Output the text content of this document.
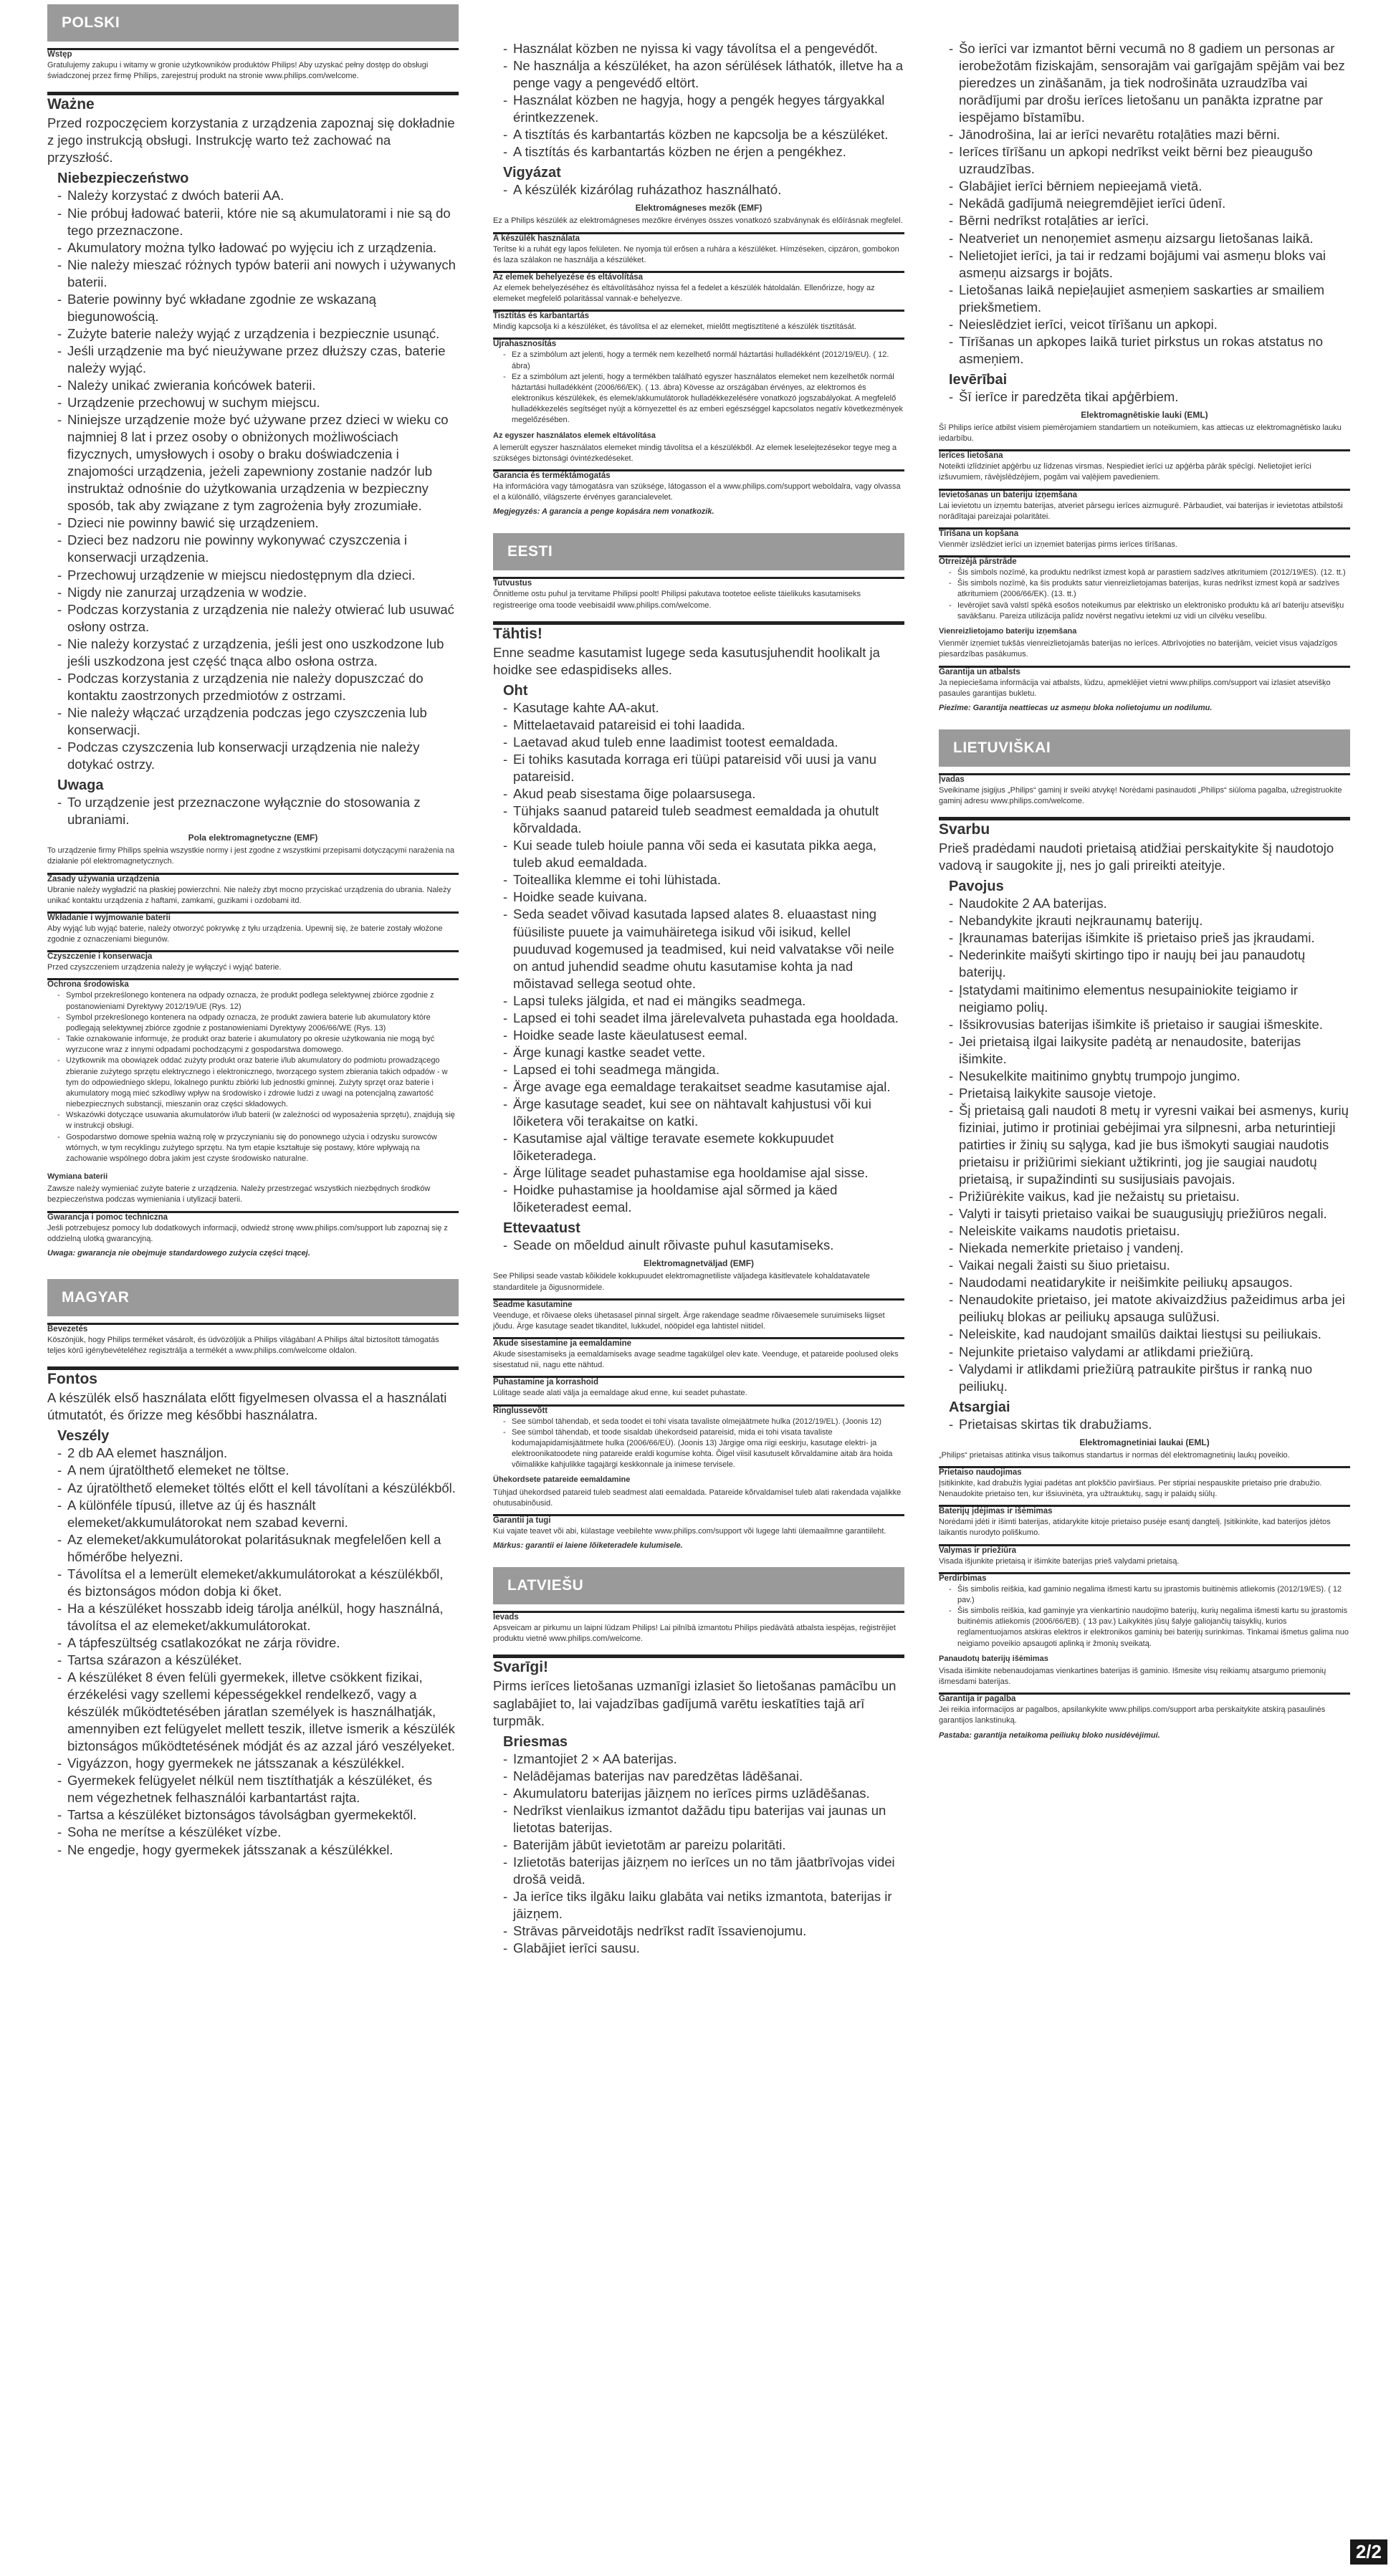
POLSKI
Wstęp

Gratulujemy zakupu i witamy w gronie użytkowników produktów Philips! Aby uzyskać pełny dostęp do obsługi świadczonej przez firmę Philips, zarejestruj produkt na stronie www.philips.com/welcome.

Ważne

Przed rozpoczęciem korzystania z urządzenia zapoznaj się dokładnie z jego instrukcją obsługi. Instrukcję warto też zachować na przyszłość.

Niebezpieczeństwo
- Należy korzystać z dwóch baterii AA.
- Nie próbuj ładować baterii, które nie są akumulatorami i nie są do tego przeznaczone.
- Akumulatory można tylko ładować po wyjęciu ich z urządzenia.
- Nie należy mieszać różnych typów baterii ani nowych i używanych baterii.
- Baterie powinny być wkładane zgodnie ze wskazaną biegunowością.
- Zużyte baterie należy wyjąć z urządzenia i bezpiecznie usunąć.
- Jeśli urządzenie ma być nieużywane przez dłuższy czas, baterie należy wyjąć.
- Należy unikać zwierania końcówek baterii.
- Urządzenie przechowuj w suchym miejscu.
- Niniejsze urządzenie może być używane przez dzieci w wieku co najmniej 8 lat i przez osoby o obniżonych możliwościach fizycznych, umysłowych i osoby o braku doświadczenia i znajomości urządzenia, jeżeli zapewniony zostanie nadzór lub instruktaż odnośnie do użytkowania urządzenia w bezpieczny sposób, tak aby związane z tym zagrożenia były zrozumiałe.
- Dzieci nie powinny bawić się urządzeniem.
- Dzieci bez nadzoru nie powinny wykonywać czyszczenia i konserwacji urządzenia.
- Przechowuj urządzenie w miejscu niedostępnym dla dzieci.
- Nigdy nie zanurzaj urządzenia w wodzie.
- Podczas korzystania z urządzenia nie należy otwierać lub usuwać osłony ostrza.
- Nie należy korzystać z urządzenia, jeśli jest ono uszkodzone lub jeśli uszkodzona jest część tnąca albo osłona ostrza.
- Podczas korzystania z urządzenia nie należy dopuszczać do kontaktu zaostrzonych przedmiotów z ostrzami.
- Nie należy włączać urządzenia podczas jego czyszczenia lub konserwacji.
- Podczas czyszczenia lub konserwacji urządzenia nie należy dotykać ostrzy.
Uwaga
- To urządzenie jest przeznaczone wyłącznie do stosowania z ubraniami.
Pola elektromagnetyczne (EMF)

To urządzenie firmy Philips spełnia wszystkie normy i jest zgodne z wszystkimi przepisami dotyczącymi narażenia na działanie pól elektromagnetycznych.

Zasady używania urządzenia

Ubranie należy wygładzić na płaskiej powierzchni. Nie należy zbyt mocno przyciskać urządzenia do ubrania. Należy unikać kontaktu urządzenia z haftami, zamkami, guzikami i ozdobami itd.

Wkładanie i wyjmowanie baterii

Aby wyjąć lub wyjąć baterie, należy otworzyć pokrywkę z tyłu urządzenia. Upewnij się, że baterie zostały włożone zgodnie z oznaczeniami biegunów.

Czyszczenie i konserwacja

Przed czyszczeniem urządzenia należy je wyłączyć i wyjąć baterie.

Ochrona środowiska
- Symbol przekreślonego kontenera na odpady oznacza, że produkt podlega selektywnej zbiórce zgodnie z postanowieniami Dyrektywy 2012/19/UE (Rys. 12)
- Symbol przekreślonego kontenera na odpady oznacza, że produkt zawiera baterie lub akumulatory które podlegają selektywnej zbiórce zgodnie z postanowieniami Dyrektywy 2006/66/WE (Rys. 13)
- Takie oznakowanie informuje, że produkt oraz baterie i akumulatory po okresie użytkowania nie mogą być wyrzucone wraz z innymi odpadami pochodzącymi z gospodarstwa domowego.
- Użytkownik ma obowiązek oddać zużyty produkt oraz baterie i/lub akumulatory do podmiotu prowadzącego zbieranie zużytego sprzętu elektrycznego i elektronicznego, tworzącego system zbierania takich odpadów - w tym do odpowiedniego sklepu, lokalnego punktu zbiórki lub jednostki gminnej. Zużyty sprzęt oraz baterie i akumulatory mogą mieć szkodliwy wpływ na środowisko i zdrowie ludzi z uwagi na potencjalną zawartość niebezpiecznych substancji, mieszanin oraz części składowych.
- Wskazówki dotyczące usuwania akumulatorów i/lub baterii (w zależności od wyposażenia sprzętu), znajdują się w instrukcji obsługi.
- Gospodarstwo domowe spełnia ważną rolę w przyczynianiu się do ponownego użycia i odzysku surowców wtórnych, w tym recyklingu zużytego sprzętu. Na tym etapie kształtuje się postawy, które wpływają na zachowanie wspólnego dobra jakim jest czyste środowisko naturalne.
Wymiana baterii

Zawsze należy wymieniać zużyte baterie z urządzenia. Należy przestrzegać wszystkich niezbędnych środków bezpieczeństwa podczas wymieniania i utylizacji baterii.

Gwarancja i pomoc techniczna

Jeśli potrzebujesz pomocy lub dodatkowych informacji, odwiedź stronę www.philips.com/support lub zapoznaj się z oddzielną ulotką gwarancyjną.

Uwaga: gwarancja nie obejmuje standardowego zużycia części tnącej.

MAGYAR
Bevezetés

Köszönjük, hogy Philips terméket vásárolt, és üdvözöljük a Philips világában! A Philips által biztosított támogatás teljes körű igénybevételéhez regisztrálja a termékét a www.philips.com/welcome oldalon.

Fontos

A készülék első használata előtt figyelmesen olvassa el a használati útmutatót, és őrizze meg későbbi használatra.

Veszély
- 2 db AA elemet használjon.
- A nem újratölthető elemeket ne töltse.
- Az újratölthető elemeket töltés előtt el kell távolítani a készülékből.
- A különféle típusú, illetve az új és használt elemeket/akkumulátorokat nem szabad keverni.
- Az elemeket/akkumulátorokat polaritásuknak megfelelően kell a hőmérőbe helyezni.
- Távolítsa el a lemerült elemeket/akkumulátorokat a készülékből, és biztonságos módon dobja ki őket.
- Ha a készüléket hosszabb ideig tárolja anélkül, hogy használná, távolítsa el az elemeket/akkumulátorokat.
- A tápfeszültség csatlakozókat ne zárja rövidre.
- Tartsa szárazon a készüléket.
- A készüléket 8 éven felüli gyermekek, illetve csökkent fizikai, érzékelési vagy szellemi képességekkel rendelkező, vagy a készülék működtetésében járatlan személyek is használhatják, amennyiben ezt felügyelet mellett teszik, illetve ismerik a készülék biztonságos működtetésének módját és az azzal járó veszélyeket.
- Vigyázzon, hogy gyermekek ne játsszanak a készülékkel.
- Gyermekek felügyelet nélkül nem tisztíthatják a készüléket, és nem végezhetnek felhasználói karbantartást rajta.
- Tartsa a készüléket biztonságos távolságban gyermekektől.
- Soha ne merítse a készüléket vízbe.
- Ne engedje, hogy gyermekek játsszanak a készülékkel.
- Használat közben ne nyissa ki vagy távolítsa el a pengevédőt.
- Ne használja a készüléket, ha azon sérülések láthatók, illetve ha a penge vagy a pengevédő eltört.
- Használat közben ne hagyja, hogy a pengék hegyes tárgyakkal érintkezzenek.
- A tisztítás és karbantartás közben ne kapcsolja be a készüléket.
- A tisztítás és karbantartás közben ne érjen a pengékhez.
Vigyázat
- A készülék kizárólag ruházathoz használható.
Elektromágneses mezők (EMF)

Ez a Philips készülék az elektromágneses mezőkre érvényes összes vonatkozó szabványnak és előírásnak megfelel.

A készülék használata

Terítse ki a ruhát egy lapos felületen. Ne nyomja túl erősen a ruhára a készüléket. Hímzéseken, cipzáron, gombokon és laza szálakon ne használja a készüléket.

Az elemek behelyezése és eltávolítása

Az elemek behelyezéséhez és eltávolításához nyissa fel a fedelet a készülék hátoldalán. Ellenőrizze, hogy az elemeket megfelelő polaritással vannak-e behelyezve.

Tisztítás és karbantartás

Mindig kapcsolja ki a készüléket, és távolítsa el az elemeket, mielőtt megtisztítené a készülék tisztítását.

Újrahasznosítás
- Ez a szimbólum azt jelenti, hogy a termék nem kezelhető normál háztartási hulladékként (2012/19/EU). ( 12. ábra)
- Ez a szimbólum azt jelenti, hogy a termékben található egyszer használatos elemeket nem kezelhetők normál háztartási hulladékként (2006/66/EK). ( 13. ábra) Kövesse az országában érvényes, az elektromos és elektronikus készülékek, és elemek/akkumulátorok hulladékkezelésére vonatkozó jogszabályokat. A megfelelő hulladékkezelés segítséget nyújt a környezettel és az emberi egészséggel kapcsolatos negatív következmények megelőzésében.
Az egyszer használatos elemek eltávolítása

A lemerült egyszer használatos elemeket mindig távolítsa el a készülékből. Az elemek leselejtezésekor tegye meg a szükséges biztonsági óvintézkedéseket.

Garancia és terméktámogatás

Ha információra vagy támogatásra van szüksége, látogasson el a www.philips.com/support weboldalra, vagy olvassa el a különálló, világszerte érvényes garancialevelet.

Megjegyzés: A garancia a penge kopására nem vonatkozik.

EESTI
Tutvustus

Õnnitleme ostu puhul ja tervitame Philipsi poolt! Philipsi pakutava tootetoe eeliste täielikuks kasutamiseks registreerige oma toode veebisaidil www.philips.com/welcome.

Tähtis!

Enne seadme kasutamist lugege seda kasutusjuhendit hoolikalt ja hoidke see edaspidiseks alles.

Oht
- Kasutage kahte AA-akut.
- Mittelaetavaid patareisid ei tohi laadida.
- Laetavad akud tuleb enne laadimist tootest eemaldada.
- Ei tohiks kasutada korraga eri tüüpi patareisid või uusi ja vanu patareisid.
- Akud peab sisestama õige polaarsusega.
- Tühjaks saanud patareid tuleb seadmest eemaldada ja ohutult kõrvaldada.
- Kui seade tuleb hoiule panna või seda ei kasutata pikka aega, tuleb akud eemaldada.
- Toiteallika klemme ei tohi lühistada.
- Hoidke seade kuivana.
- Seda seadet võivad kasutada lapsed alates 8. eluaastast ning füüsiliste puuete ja vaimuhäiretega isikud või isikud, kellel puuduvad kogemused ja teadmised, kui neid valvatakse või neile on antud juhendid seadme ohutu kasutamise kohta ja nad mõistavad sellega seotud ohte.
- Lapsi tuleks jälgida, et nad ei mängiks seadmega.
- Lapsed ei tohi seadet ilma järelevalveta puhastada ega hooldada.
- Hoidke seade laste käeulatusest eemal.
- Ärge kunagi kastke seadet vette.
- Lapsed ei tohi seadmega mängida.
- Ärge avage ega eemaldage terakaitset seadme kasutamise ajal.
- Ärge kasutage seadet, kui see on nähtavalt kahjustusi või kui lõiketera või terakaitse on katki.
- Kasutamise ajal vältige teravate esemete kokkupuudet lõiketeradega.
- Ärge lülitage seadet puhastamise ega hooldamise ajal sisse.
- Hoidke puhastamise ja hooldamise ajal sõrmed ja käed lõiketeradest eemal.
Ettevaatust
- Seade on mõeldud ainult rõivaste puhul kasutamiseks.
Elektromagnetväljad (EMF)

See Philipsi seade vastab kõikidele kokkupuudet elektromagnetiliste väljadega käsitlevatele kohaldatavatele standarditele ja õigusnormidele.

Seadme kasutamine

Veenduge, et rõivaese oleks ühetasasel pinnal sirgelt. Ärge rakendage seadme rõivaesemele suruimiseks liigset jõudu. Ärge kasutage seadet tikanditel, lukkudel, nööpidel ega lahtistel niitidel.

Akude sisestamine ja eemaldamine

Akude sisestamiseks ja eemaldamiseks avage seadme tagakülgel olev kate. Veenduge, et patareide poolused oleks sisestatud nii, nagu ette nähtud.

Puhastamine ja korrashoid

Lülitage seade alati välja ja eemaldage akud enne, kui seadet puhastate.

Ringlussevõtt
- See sümbol tähendab, et seda toodet ei tohi visata tavaliste olmejäätmete hulka (2012/19/EL). (Joonis 12)
- See sümbol tähendab, et toode sisaldab ühekordseid patareisid, mida ei tohi visata tavaliste kodumajapidamisjäätmete hulka (2006/66/EÜ). (Joonis 13) Järgige oma riigi eeskirju, kasutage elektri- ja elektroonikatoodete ning patareide eraldi kogumise kohta. Õigel viisil kasutuselt kõrvaldamine aitab ära hoida võimalikke kahjulikke tagajärgi keskkonnale ja inimese tervisele.
Ühekordsete patareide eemaldamine

Tühjad ühekordsed patareid tuleb seadmest alati eemaldada. Patareide kõrvaldamisel tuleb alati rakendada vajalikke ohutusabinõusid.

Garantii ja tugi

Kui vajate teavet või abi, külastage veebilehte www.philips.com/support või lugege lahti ülemaailmne garantiileht.

Märkus: garantii ei laiene lõiketeradele kulumisele.

LATVIEŠU
Ievads

Apsveicam ar pirkumu un laipni lūdzam Philips! Lai pilnībā izmantotu Philips piedāvātā atbalsta iespējas, reģistrējiet produktu vietnē www.philips.com/welcome.

Svarīgi!

Pirms ierīces lietošanas uzmanīgi izlasiet šo lietošanas pamācību un saglabājiet to, lai vajadzības gadījumā varētu ieskatīties tajā arī turpmāk.

Briesmas
- Izmantojiet 2 × AA baterijas.
- Nelādējamas baterijas nav paredzētas lādēšanai.
- Akumulatoru baterijas jāizņem no ierīces pirms uzlādēšanas.
- Nedrīkst vienlaikus izmantot dažādu tipu baterijas vai jaunas un lietotas baterijas.
- Baterijām jābūt ievietotām ar pareizu polaritāti.
- Izlietotās baterijas jāizņem no ierīces un no tām jāatbrīvojas videi drošā veidā.
- Ja ierīce tiks ilgāku laiku glabāta vai netiks izmantota, baterijas ir jāizņem.
- Strāvas pārveidotājs nedrīkst radīt īssavienojumu.
- Glabājiet ierīci sausu.
- Šo ierīci var izmantot bērni vecumā no 8 gadiem un personas ar ierobežotām fiziskajām, sensorajām vai garīgajām spējām vai bez pieredzes un zināšanām, ja tiek nodrošināta uzraudzība vai norādījumi par drošu ierīces lietošanu un panākta izpratne par iespējamo bīstamību.
- Jānodrošina, lai ar ierīci nevarētu rotaļāties mazi bērni.
- Ierīces tīrīšanu un apkopi nedrīkst veikt bērni bez pieaugušo uzraudzības.
- Glabājiet ierīci bērniem nepieejamā vietā.
- Nekādā gadījumā neiegremdējiet ierīci ūdenī.
- Bērni nedrīkst rotaļāties ar ierīci.
- Neatveriet un nenoņemiet asmeņu aizsargu lietošanas laikā.
- Nelietojiet ierīci, ja tai ir redzami bojājumi vai asmeņu bloks vai asmeņu aizsargs ir bojāts.
- Lietošanas laikā nepieļaujiet asmeņiem saskarties ar smailiem priekšmetiem.
- Neieslēdziet ierīci, veicot tīrīšanu un apkopi.
- Tīrīšanas un apkopes laikā turiet pirkstus un rokas atstatus no asmeņiem.
Ievērībai
- Šī ierīce ir paredzēta tikai apģērbiem.
Elektromagnētiskie lauki (EML)

Šī Philips ierīce atbilst visiem piemērojamiem standartiem un noteikumiem, kas attiecas uz elektromagnētisko lauku iedarbību.

Ierīces lietošana

Noteikti izlīdziniet apģērbu uz līdzenas virsmas. Nespiediet ierīci uz apģērba pārāk spēcīgi. Nelietojiet ierīci izšuvumiem, rāvējslēdzējiem, pogām vai vaļējiem pavedieniem.

Ievietošanas un bateriju izņemšana

Lai ievietotu un izņemtu baterijas, atveriet pārsegu ierīces aizmugurē. Pārbaudiet, vai baterijas ir ievietotas atbilstoši norādītajai pareizajai polaritātei.

Tīrīšana un kopšana

Vienmēr izslēdziet ierīci un izņemiet baterijas pirms ierīces tīrīšanas.

Otrreizējā pārstrāde
- Šis simbols nozīmē, ka produktu nedrīkst izmest kopā ar parastiem sadzīves atkritumiem (2012/19/ES). (12. tt.)
- Šis simbols nozīmē, ka šis produkts satur vienreizlietojamas baterijas, kuras nedrīkst izmest kopā ar sadzīves atkritumiem (2006/66/EK). (13. tt.)
- Ievērojiet savā valstī spēkā esošos noteikumus par elektrisko un elektronisko produktu kā arī bateriju atsevišķu savākšanu. Pareiza utilizācija palīdz novērst negatīvu ietekmi uz vidi un cilvēku veselību.
Vienreizlietojamo bateriju izņemšana

Vienmēr izņemiet tukšās vienreizlietojamās baterijas no ierīces. Atbrīvojoties no baterijām, veiciet visus vajadzīgos piesardzības pasākumus.

Garantija un atbalsts

Ja nepieciešama informācija vai atbalsts, lūdzu, apmeklējiet vietni www.philips.com/support vai izlasiet atsevišķo pasaules garantijas bukletu.

Piezīme: Garantija neattiecas uz asmeņu bloka nolietojumu un nodilumu.

LIETUVIŠKAI
Įvadas

Sveikiname įsigijus „Philips“ gaminį ir sveiki atvykę! Norėdami pasinaudoti „Philips“ siūloma pagalba, užregistruokite gaminį adresu www.philips.com/welcome.

Svarbu

Prieš pradėdami naudoti prietaisą atidžiai perskaitykite šį naudotojo vadovą ir saugokite jį, nes jo gali prireikti ateityje.

Pavojus
- Naudokite 2 AA baterijas.
- Nebandykite įkrauti neįkraunamų baterijų.
- Įkraunamas baterijas išimkite iš prietaiso prieš jas įkraudami.
- Nederinkite maišyti skirtingo tipo ir naujų bei jau panaudotų baterijų.
- Įstatydami maitinimo elementus nesupainiokite teigiamo ir neigiamo polių.
- Išsikrovusias baterijas išimkite iš prietaiso ir saugiai išmeskite.
- Jei prietaisą ilgai laikysite padėtą ar nenaudosite, baterijas išimkite.
- Nesukelkite maitinimo gnybtų trumpojo jungimo.
- Prietaisą laikykite sausoje vietoje.
- Šį prietaisą gali naudoti 8 metų ir vyresni vaikai bei asmenys, kurių fiziniai, jutimo ir protiniai gebėjimai yra silpnesni, arba neturintieji patirties ir žinių su sąlyga, kad jie bus išmokyti saugiai naudotis prietaisu ir prižiūrimi siekiant užtikrinti, jog jie saugiai naudotų prietaisą, ir supažindinti su susijusiais pavojais.
- Prižiūrėkite vaikus, kad jie nežaistų su prietaisu.
- Valyti ir taisyti prietaiso vaikai be suaugusiųjų priežiūros negali.
- Neleiskite vaikams naudotis prietaisu.
- Niekada nemerkite prietaiso į vandenį.
- Vaikai negali žaisti su šiuo prietaisu.
- Naudodami neatidarykite ir neišimkite peiliukų apsaugos.
- Nenaudokite prietaiso, jei matote akivaizdžius pažeidimus arba jei peiliukų blokas ar peiliukų apsauga sulūžusi.
- Neleiskite, kad naudojant smailūs daiktai liestųsi su peiliukais.
- Nejunkite prietaiso valydami ar atlikdami priežiūrą.
- Valydami ir atlikdami priežiūrą patraukite pirštus ir ranką nuo peiliukų.
Atsargiai
- Prietaisas skirtas tik drabužiams.
Elektromagnetiniai laukai (EML)

„Philips“ prietaisas atitinka visus taikomus standartus ir normas dėl elektromagnetinių laukų poveikio.

Prietaiso naudojimas

Įsitikinkite, kad drabužis lygiai padėtas ant plokščio paviršiaus. Per stipriai nespauskite prietaiso prie drabužio. Nenaudokite prietaiso ten, kur išsiuvinėta, yra užtrauktukų, sagų ir palaidų siūlų.

Baterijų įdėjimas ir išėmimas

Norėdami įdėti ir išimti baterijas, atidarykite kitoje prietaiso pusėje esantį dangtelį. Įsitikinkite, kad baterijos įdėtos laikantis nurodyto poliškumo.

Valymas ir priežiūra

Visada išjunkite prietaisą ir išimkite baterijas prieš valydami prietaisą.

Perdirbimas
- Šis simbolis reiškia, kad gaminio negalima išmesti kartu su įprastomis buitinėmis atliekomis (2012/19/ES). ( 12 pav.)
- Šis simbolis reiškia, kad gaminyje yra vienkartinio naudojimo baterijų, kurių negalima išmesti kartu su įprastomis buitinėmis atliekomis (2006/66/EB). ( 13 pav.) Laikykitės jūsų šalyje galiojančių taisyklių, kurios reglamentuojamos atskiras elektros ir elektronikos gaminių bei baterijų surinkimas. Tinkamai išmetus galima nuo neigiamo poveikio apsaugoti aplinką ir žmonių sveikatą.
Panaudotų baterijų išėmimas

Visada išimkite nebenaudojamas vienkartines baterijas iš gaminio. Išmesite visų reikiamų atsargumo priemonių išmesdami baterijas.

Garantija ir pagalba

Jei reikia informacijos ar pagalbos, apsilankykite www.philips.com/support arba perskaitykite atskirą pasaulinės garantijos lankstinuką.

Pastaba: garantija netaikoma peiliukų bloko nusidėvėjimui.

2/2
